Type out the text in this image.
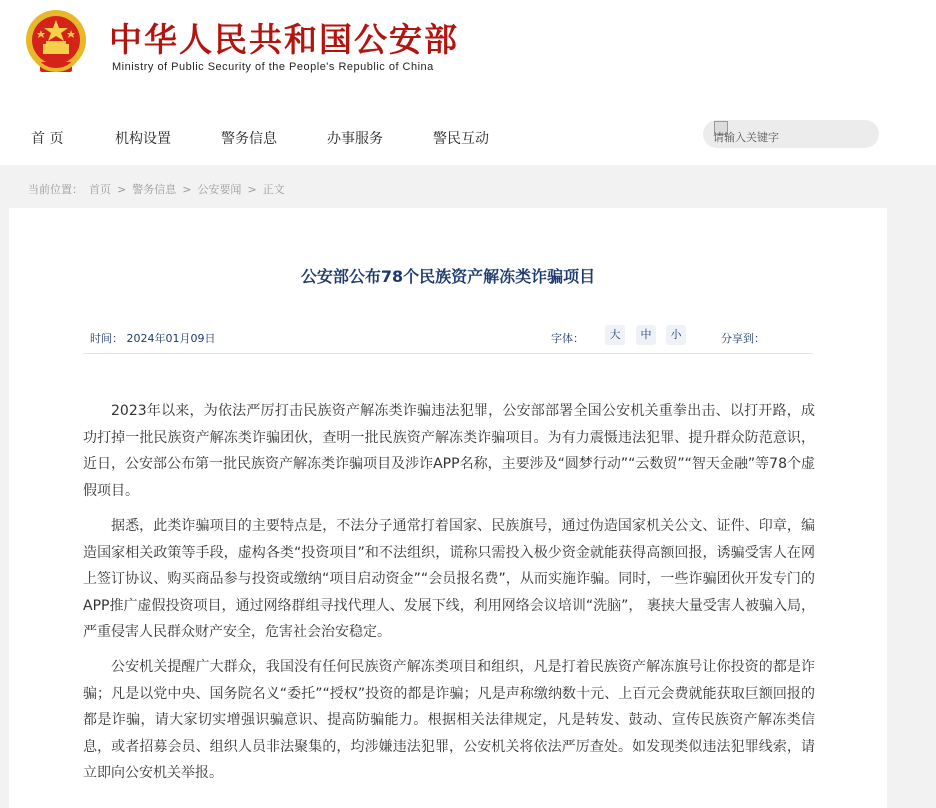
中华人民共和国公安部
Ministry of Public Security of the People's Republic of China
首 页	机构设置	警务信息	办事服务	警民互动
请输入关键字
当前位置： 首页 > 警务信息 > 公安要闻 > 正文
公安部公布78个民族资产解冻类诈骗项目
时间： 2024年01月09日	字体：	大	中	小	分享到：

2023年以来，为依法严厉打击民族资产解冻类诈骗违法犯罪，公安部部署全国公安机关重拳出击、以打开路，成功打掉一批民族资产解冻类诈骗团伙，查明一批民族资产解冻类诈骗项目。为有力震慑违法犯罪、提升群众防范意识，近日，公安部公布第一批民族资产解冻类诈骗项目及涉诈APP名称，主要涉及“圆梦行动”“云数贸”“智天金融”等78个虚假项目。

据悉，此类诈骗项目的主要特点是，不法分子通常打着国家、民族旗号，通过伪造国家机关公文、证件、印章，编造国家相关政策等手段，虚构各类“投资项目”和不法组织，谎称只需投入极少资金就能获得高额回报，诱骗受害人在网上签订协议、购买商品参与投资或缴纳“项目启动资金”“会员报名费”，从而实施诈骗。同时，一些诈骗团伙开发专门的APP推广虚假投资项目，通过网络群组寻找代理人、发展下线，利用网络会议培训“洗脑”， 裹挟大量受害人被骗入局，严重侵害人民群众财产安全，危害社会治安稳定。

公安机关提醒广大群众，我国没有任何民族资产解冻类项目和组织，凡是打着民族资产解冻旗号让你投资的都是诈骗；凡是以党中央、国务院名义“委托”“授权”投资的都是诈骗；凡是声称缴纳数十元、上百元会费就能获取巨额回报的都是诈骗，请大家切实增强识骗意识、提高防骗能力。根据相关法律规定，凡是转发、鼓动、宣传民族资产解冻类信息，或者招募会员、组织人员非法聚集的，均涉嫌违法犯罪，公安机关将依法严厉查处。如发现类似违法犯罪线索，请立即向公安机关举报。
